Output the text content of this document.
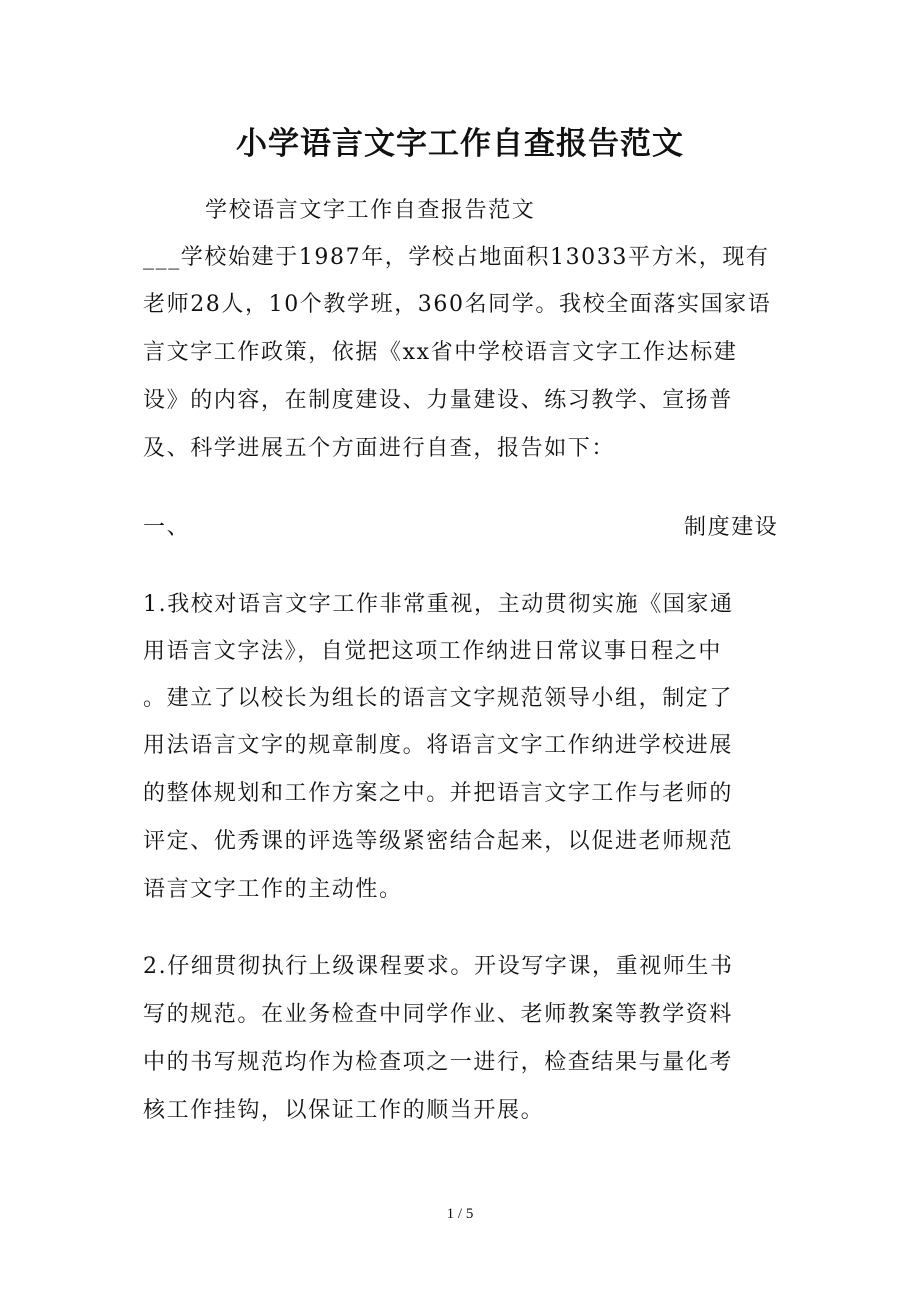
小学语言文字工作自查报告范文
学校语言文字工作自查报告范文
___学校始建于1987年，学校占地面积13033平方米，现有
老师28人，10个教学班，360名同学。我校全面落实国家语
言文字工作政策，依据《xx省中学校语言文字工作达标建
设》的内容，在制度建设、力量建设、练习教学、宣扬普
及、科学进展五个方面进行自查，报告如下：
一、	制度建设
1.我校对语言文字工作非常重视，主动贯彻实施《国家通
用语言文字法》，自觉把这项工作纳进日常议事日程之中
。建立了以校长为组长的语言文字规范领导小组，制定了
用法语言文字的规章制度。将语言文字工作纳进学校进展
的整体规划和工作方案之中。并把语言文字工作与老师的
评定、优秀课的评选等级紧密结合起来，以促进老师规范
语言文字工作的主动性。
2.仔细贯彻执行上级课程要求。开设写字课，重视师生书
写的规范。在业务检查中同学作业、老师教案等教学资料
中的书写规范均作为检查项之一进行，检查结果与量化考
核工作挂钩，以保证工作的顺当开展。
1 / 5
